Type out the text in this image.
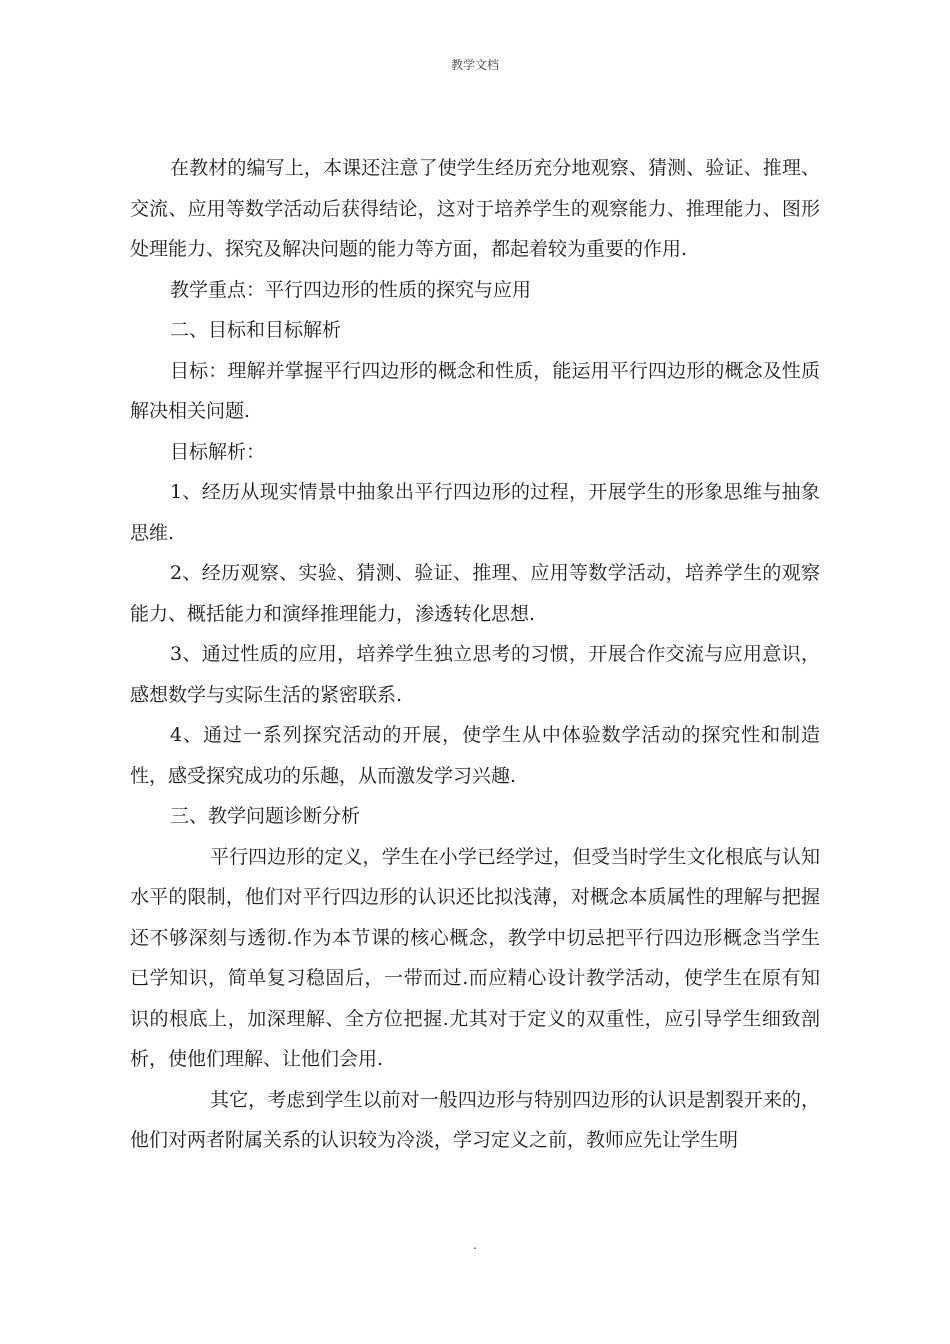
教学文档

在教材的编写上，本课还注意了使学生经历充分地观察、猜测、验证、推理、交流、应用等数学活动后获得结论，这对于培养学生的观察能力、推理能力、图形处理能力、探究及解决问题的能力等方面，都起着较为重要的作用.

教学重点：平行四边形的性质的探究与应用

二、目标和目标解析

目标：理解并掌握平行四边形的概念和性质，能运用平行四边形的概念及性质解决相关问题.

目标解析：

1、经历从现实情景中抽象出平行四边形的过程，开展学生的形象思维与抽象思维.

2、经历观察、实验、猜测、验证、推理、应用等数学活动，培养学生的观察能力、概括能力和演绎推理能力，渗透转化思想.

3、通过性质的应用，培养学生独立思考的习惯，开展合作交流与应用意识，感想数学与实际生活的紧密联系.

4、通过一系列探究活动的开展，使学生从中体验数学活动的探究性和制造性，感受探究成功的乐趣，从而激发学习兴趣.

三、教学问题诊断分析

平行四边形的定义，学生在小学已经学过，但受当时学生文化根底与认知水平的限制，他们对平行四边形的认识还比拟浅薄，对概念本质属性的理解与把握还不够深刻与透彻.作为本节课的核心概念，教学中切忌把平行四边形概念当学生已学知识，简单复习稳固后，一带而过.而应精心设计教学活动，使学生在原有知识的根底上，加深理解、全方位把握.尤其对于定义的双重性，应引导学生细致剖析，使他们理解、让他们会用.

其它，考虑到学生以前对一般四边形与特别四边形的认识是割裂开来的，他们对两者附属关系的认识较为冷淡，学习定义之前，教师应先让学生明

.
